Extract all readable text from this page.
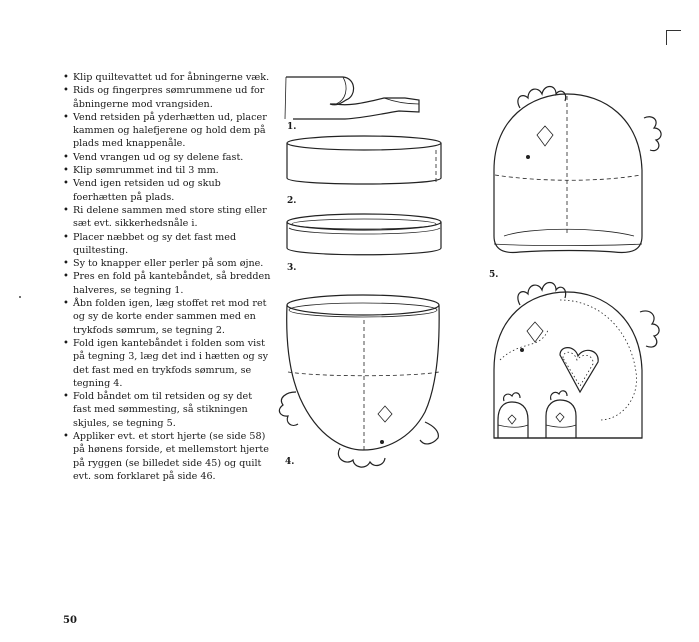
• Klip quiltevattet ud for åbningerne væk.
• Rids og fingerpres sømrummene ud for åbningerne mod vrangsiden.
• Vend retsiden på yderhætten ud, placer kammen og halefjerene og hold dem på plads med knappenåle.
• Vend vrangen ud og sy delene fast.
• Klip sømrummet ind til 3 mm.
• Vend igen retsiden ud og skub foerhætten på plads.
• Ri delene sammen med store sting eller sæt evt. sikkerhedsnåle i.
• Placer næbbet og sy det fast med quiltesting.
• Sy to knapper eller perler på som øjne.
• Pres en fold på kantebåndet, så bredden halveres, se tegning 1.
• Åbn folden igen, læg stoffet ret mod ret og sy de korte ender sammen med en trykfods sømrum, se tegning 2.
• Fold igen kantebåndet i folden som vist på tegning 3, læg det ind i hætten og sy det fast med en trykfods sømrum, se tegning 4.
• Fold båndet om til retsiden og sy det fast med sømmesting, så stikningen skjules, se tegning 5.
• Appliker evt. et stort hjerte (se side 58) på hønens forside, et mellemstort hjerte på ryggen (se billedet side 45) og quilt evt. som forklaret på side 46.
1.
2.
3.
4.
5.
50
